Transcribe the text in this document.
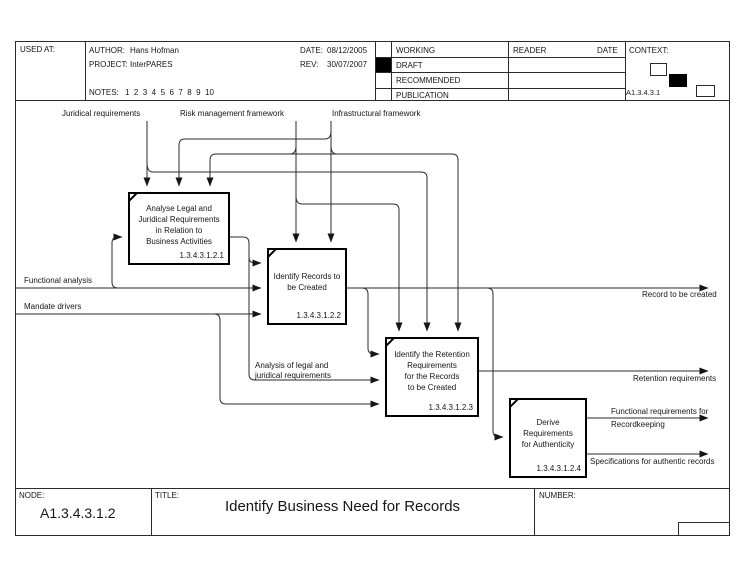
USED AT:	AUTHOR: Hans Hofman
PROJECT: InterPARES
DATE: 08/12/2005
REV: 30/07/2007
NOTES: 1  2  3  4  5  6  7  8  9  10
WORKING
DRAFT
RECOMMENDED
PUBLICATION
READER	DATE CONTEXT:
A1.3.4.3.1
Juridical requirements	Risk management framework	Infrastructural framework
Functional analysis
Mandate drivers
Analysis of legal and
juridical requirements
Record to be created
Retention requirements
Functional requirements for
Recordkeeping
Specifications for authentic records
Analyse Legal and
Juridical Requirements
in Relation to
Business Activities
1.3.4.3.1.2.1
Identify Records to
be Created
1.3.4.3.1.2.2
Identify the Retention
Requirements
for the Records
to be Created
1.3.4.3.1.2.3
Derive
Requirements
for Authenticity
1.3.4.3.1.2.4
NODE:
A1.3.4.3.1.2
TITLE:
Identify Business Need for Records
NUMBER:
